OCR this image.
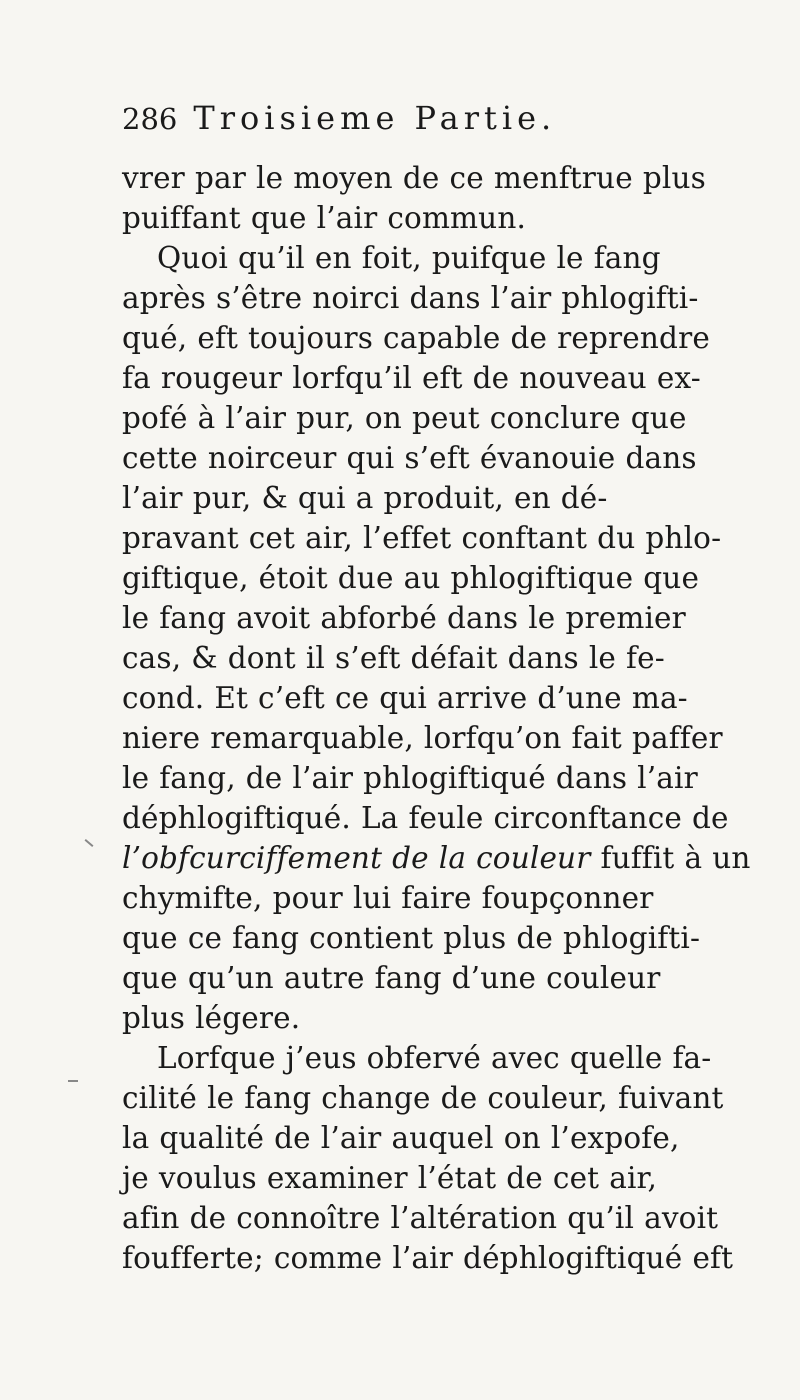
286 Troisieme Partie.
vrer par le moyen de ce menftrue plus
puiffant que l’air commun.
Quoi qu’il en foit, puifque le fang
après s’être noirci dans l’air phlogifti-
qué, eft toujours capable de reprendre
fa rougeur lorfqu’il eft de nouveau ex-
pofé à l’air pur, on peut conclure que
cette noirceur qui s’eft évanouie dans
l’air pur, & qui a produit, en dé-
pravant cet air, l’effet conftant du phlo-
giftique, étoit due au phlogiftique que
le fang avoit abforbé dans le premier
cas, & dont il s’eft défait dans le fe-
cond. Et c’eft ce qui arrive d’une ma-
niere remarquable, lorfqu’on fait paffer
le fang, de l’air phlogiftiqué dans l’air
déphlogiftiqué. La feule circonftance de
l’obfcurciffement de la couleur fuffit à un
chymifte, pour lui faire foupçonner
que ce fang contient plus de phlogifti-
que qu’un autre fang d’une couleur
plus légere.
Lorfque j’eus obfervé avec quelle fa-
cilité le fang change de couleur, fuivant
la qualité de l’air auquel on l’expofe,
je voulus examiner l’état de cet air,
afin de connoître l’altération qu’il avoit
foufferte; comme l’air déphlogiftiqué eft
